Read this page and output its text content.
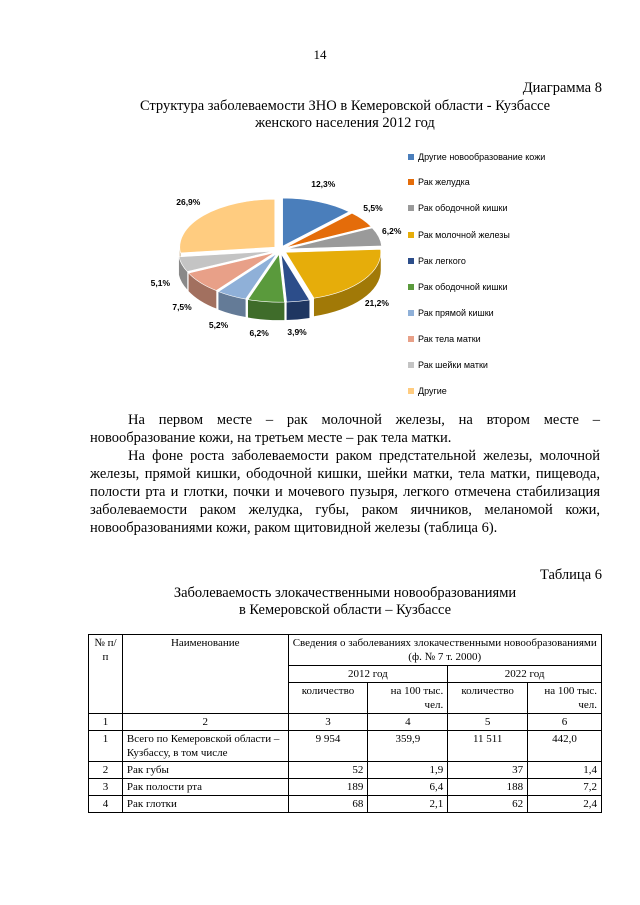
14
Диаграмма 8
Структура заболеваемости ЗНО в Кемеровской области - Кузбассе
женского населения 2012 год
12,3%
5,5%
6,2%
21,2%
3,9%
6,2%
5,2%
7,5%
5,1%
26,9%
Другие новообразование кожи
Рак желудка
Рак ободочной кишки
Рак молочной железы
Рак легкого
Рак ободочной кишки
Рак прямой кишки
Рак тела матки
Рак шейки матки
Другие

На первом месте – рак молочной железы, на втором месте – новообразование кожи, на третьем месте – рак тела матки.

На фоне роста заболеваемости раком предстательной железы, молочной железы, прямой кишки, ободочной кишки, шейки матки, тела матки, пищевода, полости рта и глотки, почки и мочевого пузыря, легкого отмечена стабилизация заболеваемости раком желудка, губы, раком яичников, меланомой кожи, новообразованиями кожи, раком щитовидной железы (таблица 6).

Таблица 6
Заболеваемость злокачественными новообразованиями
в Кемеровской области – Кузбассе
№ п/п	Наименование	Сведения о заболеваниях злокачественными новообразованиями (ф. № 7 т. 2000)			
		2012 год		2022 год	
		количество	на 100 тыс. чел.	количество	на 100 тыс. чел.
1	2	3	4	5	6
1	Всего по Кемеровской области – Кузбассу, в том числе	9 954	359,9	11 511	442,0
2	Рак губы	52	1,9	37	1,4
3	Рак полости рта	189	6,4	188	7,2
4	Рак глотки	68	2,1	62	2,4
